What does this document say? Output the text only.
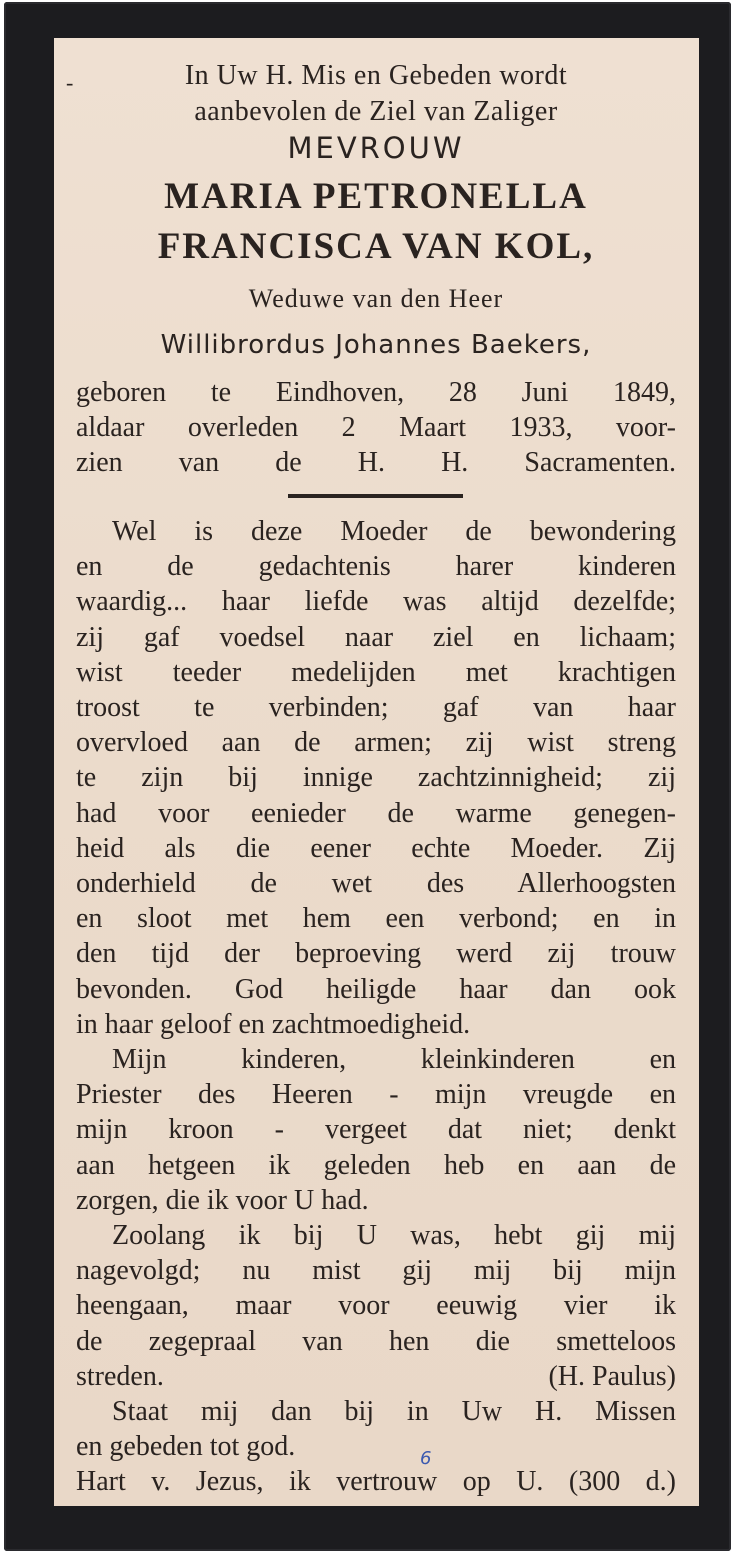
-	In Uw H. Mis en Gebeden wordt
aanbevolen de Ziel van Zaliger
MEVROUW
MARIA PETRONELLA
FRANCISCA VAN KOL,
Weduwe van den Heer
Willibrordus Johannes Baekers,
geboren te Eindhoven, 28 Juni 1849,
aldaar overleden 2 Maart 1933, voor-
zien van de H. H. Sacramenten.
Wel is deze Moeder de bewondering
en de gedachtenis harer kinderen
waardig... haar liefde was altijd dezelfde;
zij gaf voedsel naar ziel en lichaam;
wist teeder medelijden met krachtigen
troost te verbinden; gaf van haar
overvloed aan de armen; zij wist streng
te zijn bij innige zachtzinnigheid; zij
had voor eenieder de warme genegen-
heid als die eener echte Moeder. Zij
onderhield de wet des Allerhoogsten
en sloot met hem een verbond; en in
den tijd der beproeving werd zij trouw
bevonden. God heiligde haar dan ook
in haar geloof en zachtmoedigheid.
Mijn kinderen, kleinkinderen en
Priester des Heeren - mijn vreugde en
mijn kroon - vergeet dat niet; denkt
aan hetgeen ik geleden heb en aan de
zorgen, die ik voor U had.
Zoolang ik bij U was, hebt gij mij
nagevolgd; nu mist gij mij bij mijn
heengaan, maar voor eeuwig vier ik
de zegepraal van hen die smetteloos
streden.	(H. Paulus)
Staat mij dan bij in Uw H. Missen
en gebeden tot god.
Hart v. Jezus, ik vertrouw op U. (300 d.)
6
